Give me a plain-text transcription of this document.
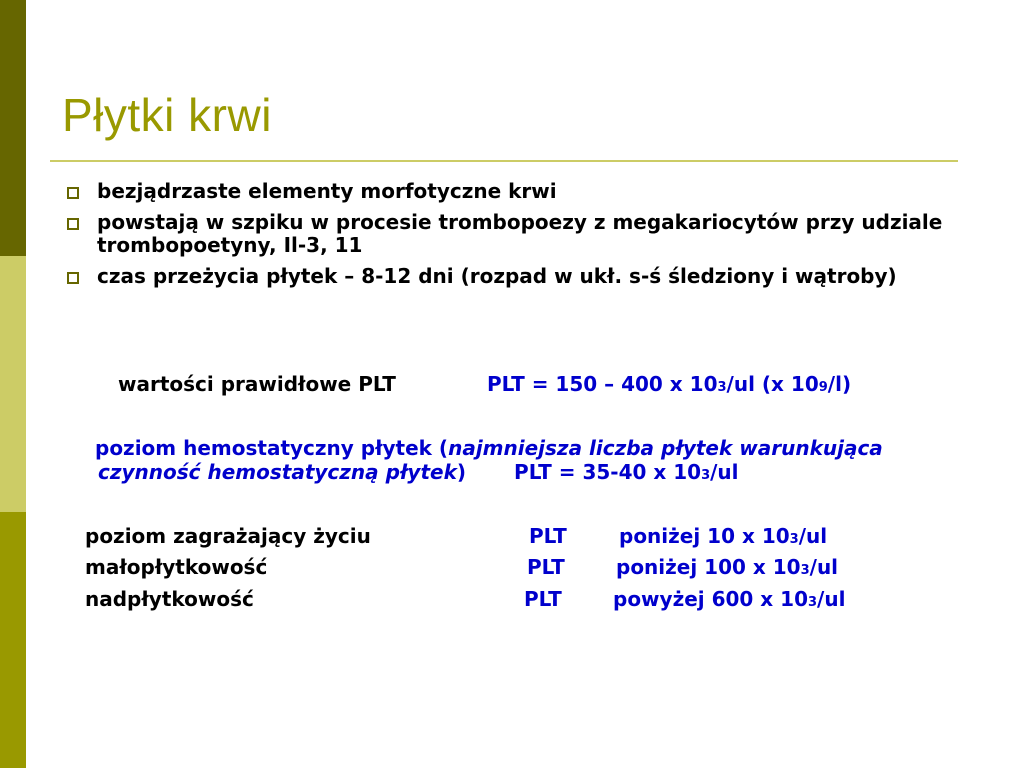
Płytki krwi
bezjądrzaste elementy morfotyczne krwi
powstają w szpiku w procesie trombopoezy z megakariocytów przy udziale trombopoetyny, Il-3, 11
czas przeżycia płytek – 8-12 dni (rozpad w ukł. s-ś śledziony i wątroby)
wartości prawidłowe PLT	PLT = 150 – 400 x 103/ul (x 109/l)
poziom hemostatyczny płytek (najmniejsza liczba płytek warunkująca
czynność hemostatyczną płytek) PLT = 35-40 x 103/ul
poziom zagrażający życiu	PLT	poniżej 10 x 103/ul
małopłytkowość	PLT	poniżej 100 x 103/ul
nadpłytkowość	PLT	powyżej 600 x 103/ul
